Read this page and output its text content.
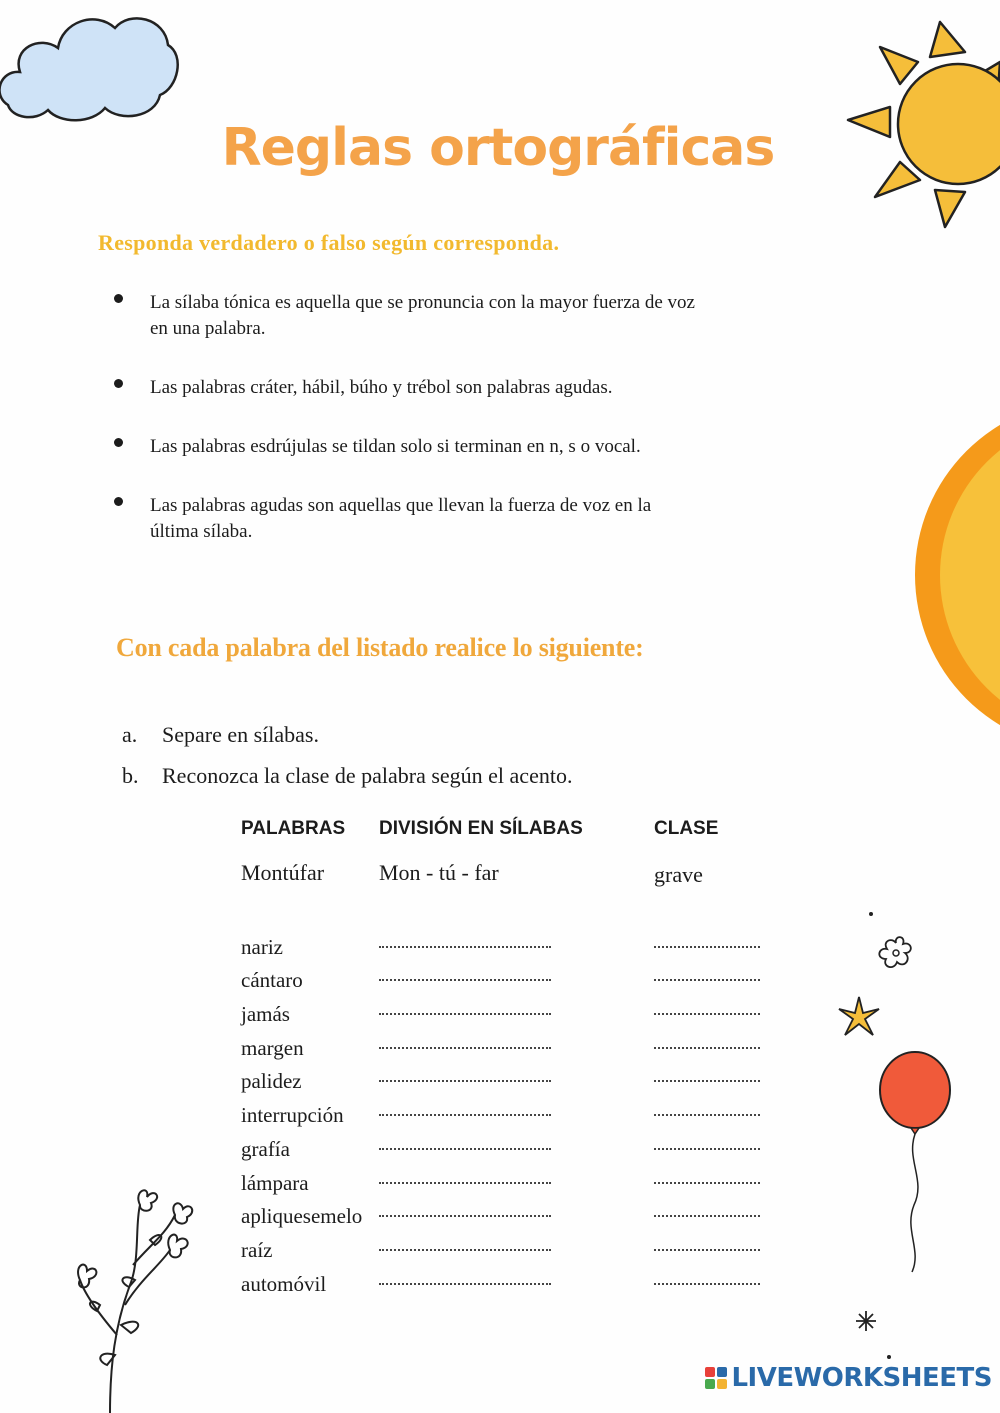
Reglas ortográficas
Responda verdadero o falso según corresponda.
La sílaba tónica es aquella que se pronuncia con la mayor fuerza de voz en una palabra.
Las palabras cráter, hábil, búho y trébol son palabras agudas.
Las palabras esdrújulas se tildan solo si terminan en n, s o vocal.
Las palabras agudas son aquellas que llevan la fuerza de voz en la última sílaba.
Con cada palabra del listado realice lo siguiente:
a.	Separe en sílabas.
b.	Reconozca la clase de palabra según el acento.
PALABRAS	DIVISIÓN EN SÍLABAS	CLASE
Montúfar	Mon - tú - far	grave
nariz
cántaro
jamás
margen
palidez
interrupción
grafía
lámpara
apliquesemelo
raíz
automóvil
LIVEWORKSHEETS
